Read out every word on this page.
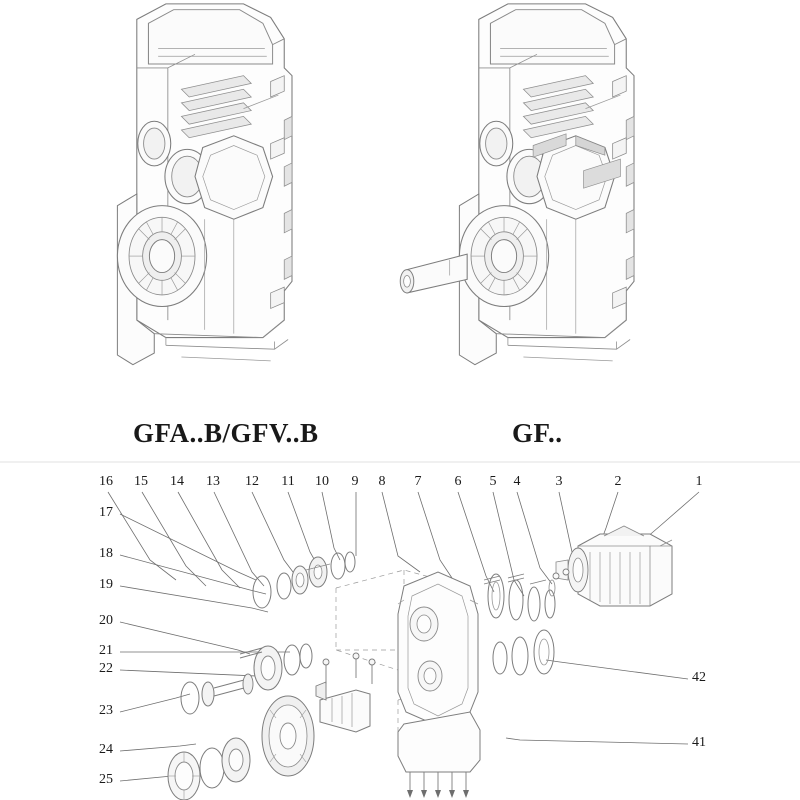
GFA..B/GFV..B	GF..
16 15 14 13 12	11	10	9	8	7	6	5	4	3	2	1
17
18
19
20
21
22
23
24
25
42
41
